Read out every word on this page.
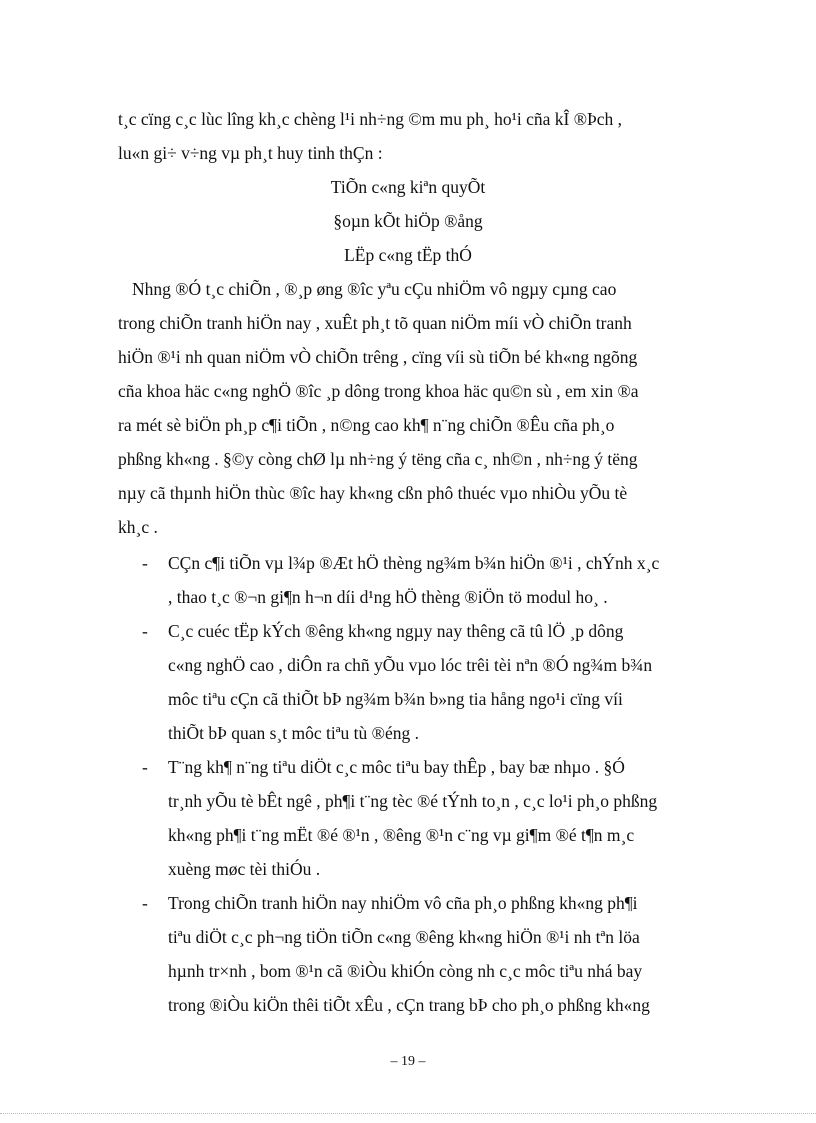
t¸c cïng c¸c lùc lîng kh¸c chèng l¹i nh÷ng ©m mu ph¸ ho¹i cña kÎ ®Þch ,
lu«n gi÷ v÷ng vµ ph¸t huy tinh thÇn :
TiÕn c«ng kiªn quyÕt
§oµn kÕt hiÖp ®ång
LËp c«ng tËp thÓ
Nhng ®Ó t¸c chiÕn , ®¸p øng ®îc yªu cÇu nhiÖm vô ngµy cµng cao
trong chiÕn tranh hiÖn nay , xuÊt ph¸t tõ quan niÖm míi vÒ chiÕn tranh
hiÖn ®¹i nh quan niÖm vÒ chiÕn trêng , cïng víi sù tiÕn bé kh«ng ngõng
cña khoa häc c«ng nghÖ ®îc ¸p dông trong khoa häc qu©n sù , em xin ®a
ra mét sè biÖn ph¸p c¶i tiÕn , n©ng cao kh¶ n¨ng chiÕn ®Êu cña ph¸o
phßng kh«ng . §©y còng chØ lµ nh÷ng ý tëng cña c¸ nh©n , nh÷ng ý tëng
nµy cã thµnh hiÖn thùc ®îc hay kh«ng cßn phô thuéc vµo nhiÒu yÕu tè
kh¸c .
- CÇn c¶i tiÕn vµ l¾p ®Æt hÖ thèng ng¾m b¾n hiÖn ®¹i , chÝnh x¸c
, thao t¸c ®¬n gi¶n h¬n díi d¹ng hÖ thèng ®iÖn tö modul ho¸ .
- C¸c cuéc tËp kÝch ®êng kh«ng ngµy nay thêng cã tû lÖ ¸p dông
c«ng nghÖ cao , diÔn ra chñ yÕu vµo lóc trêi tèi nªn ®Ó ng¾m b¾n
môc tiªu cÇn cã thiÕt bÞ ng¾m b¾n b»ng tia hång ngo¹i cïng víi
thiÕt bÞ quan s¸t môc tiªu tù ®éng .
- T¨ng kh¶ n¨ng tiªu diÖt c¸c môc tiªu bay thÊp , bay bæ nhµo . §Ó
tr¸nh yÕu tè bÊt ngê , ph¶i t¨ng tèc ®é tÝnh to¸n , c¸c lo¹i ph¸o phßng
kh«ng ph¶i t¨ng mËt ®é ®¹n , ®êng ®¹n c¨ng vµ gi¶m ®é t¶n m¸c
xuèng møc tèi thiÓu .
- Trong chiÕn tranh hiÖn nay nhiÖm vô cña ph¸o phßng kh«ng ph¶i
tiªu diÖt c¸c ph¬ng tiÖn tiÕn c«ng ®êng kh«ng hiÖn ®¹i nh tªn löa
hµnh tr×nh , bom ®¹n cã ®iÒu khiÓn còng nh c¸c môc tiªu nhá bay
trong ®iÒu kiÖn thêi tiÕt xÊu , cÇn trang bÞ cho ph¸o phßng kh«ng
– 19 –
